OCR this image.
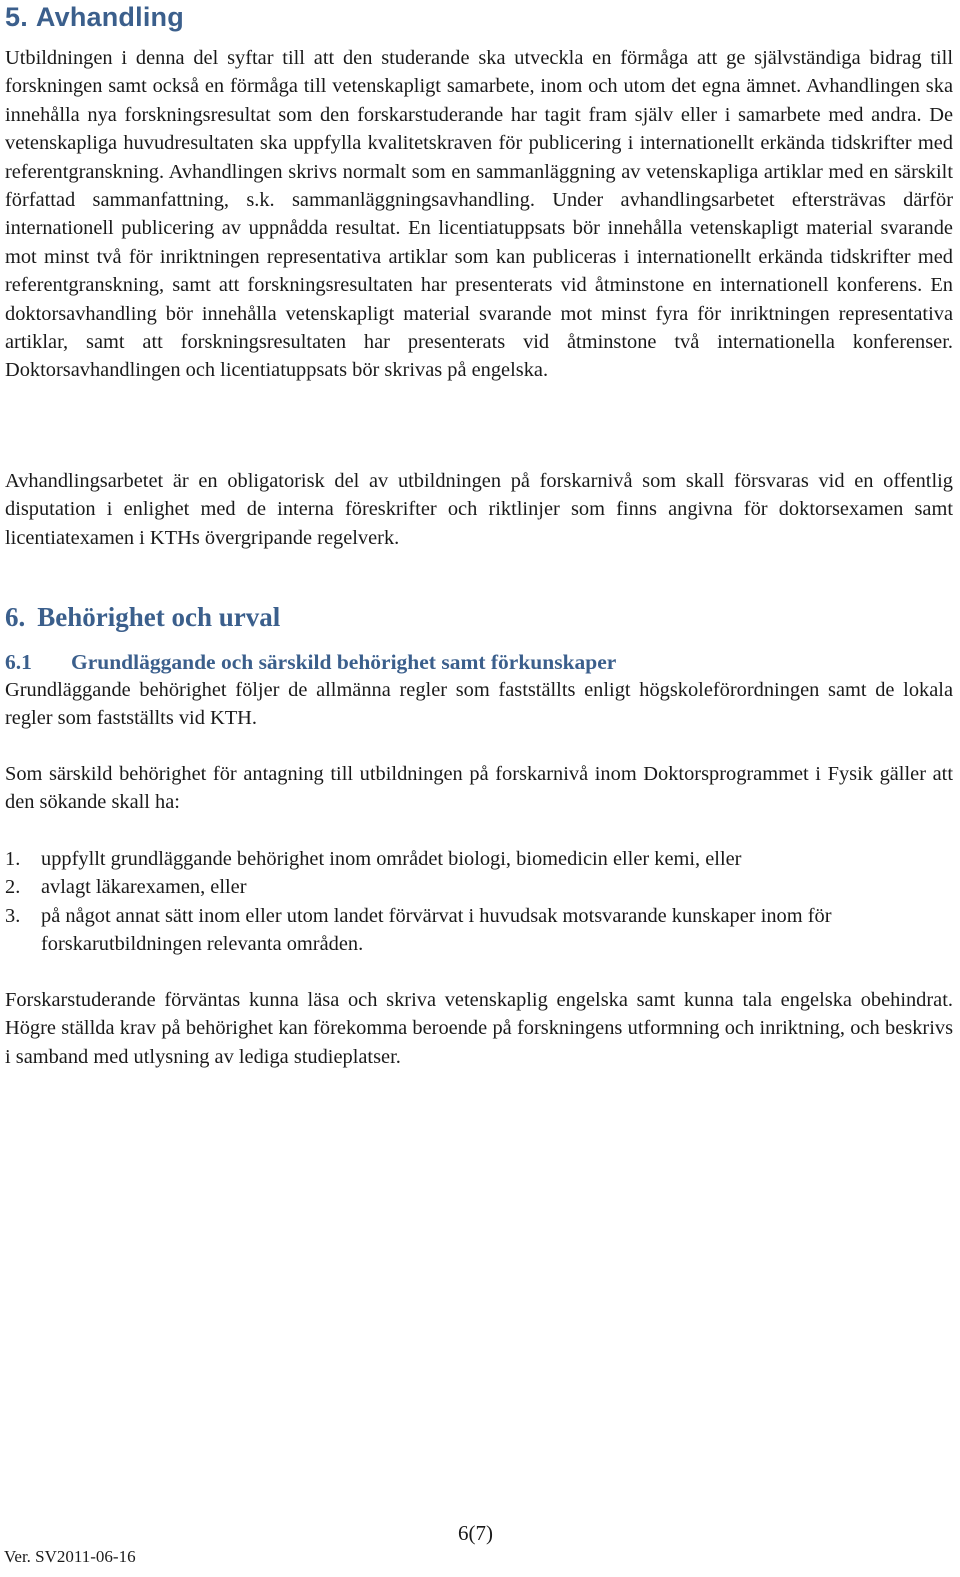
5. Avhandling

Utbildningen i denna del syftar till att den studerande ska utveckla en förmåga att ge självständiga bidrag till forskningen samt också en förmåga till vetenskapligt samarbete, inom och utom det egna ämnet. Avhandlingen ska innehålla nya forskningsresultat som den forskarstuderande har tagit fram själv eller i samarbete med andra. De vetenskapliga huvudresultaten ska uppfylla kvalitetskraven för publicering i internationellt erkända tidskrifter med referentgranskning. Avhandlingen skrivs normalt som en sammanläggning av vetenskapliga artiklar med en särskilt författad sammanfattning, s.k. sammanläggningsavhandling. Under avhandlingsarbetet eftersträvas därför internationell publicering av uppnådda resultat. En licentiatuppsats bör innehålla vetenskapligt material svarande mot minst två för inriktningen representativa artiklar som kan publiceras i internationellt erkända tidskrifter med referentgranskning, samt att forskningsresultaten har presenterats vid åtminstone en internationell konferens. En doktorsavhandling bör innehålla vetenskapligt material svarande mot minst fyra för inriktningen representativa artiklar, samt att forskningsresultaten har presenterats vid åtminstone två internationella konferenser. Doktorsavhandlingen och licentiatuppsats bör skrivas på engelska.

Avhandlingsarbetet är en obligatorisk del av utbildningen på forskarnivå som skall försvaras vid en offentlig disputation i enlighet med de interna föreskrifter och riktlinjer som finns angivna för doktorsexamen samt licentiatexamen i KTHs övergripande regelverk.

6. Behörighet och urval
6.1 Grundläggande och särskild behörighet samt förkunskaper

Grundläggande behörighet följer de allmänna regler som fastställts enligt högskoleförordningen samt de lokala regler som fastställts vid KTH.

Som särskild behörighet för antagning till utbildningen på forskarnivå inom Doktorsprogrammet i Fysik gäller att den sökande skall ha:

1.	uppfyllt grundläggande behörighet inom området biologi, biomedicin eller kemi, eller
2.	avlagt läkarexamen, eller
3.	på något annat sätt inom eller utom landet förvärvat i huvudsak motsvarande kunskaper inom för forskarutbildningen relevanta områden.

Forskarstuderande förväntas kunna läsa och skriva vetenskaplig engelska samt kunna tala engelska obehindrat. Högre ställda krav på behörighet kan förekomma beroende på forskningens utformning och inriktning, och beskrivs i samband med utlysning av lediga studieplatser.

6(7)

Ver. SV2011-06-16
